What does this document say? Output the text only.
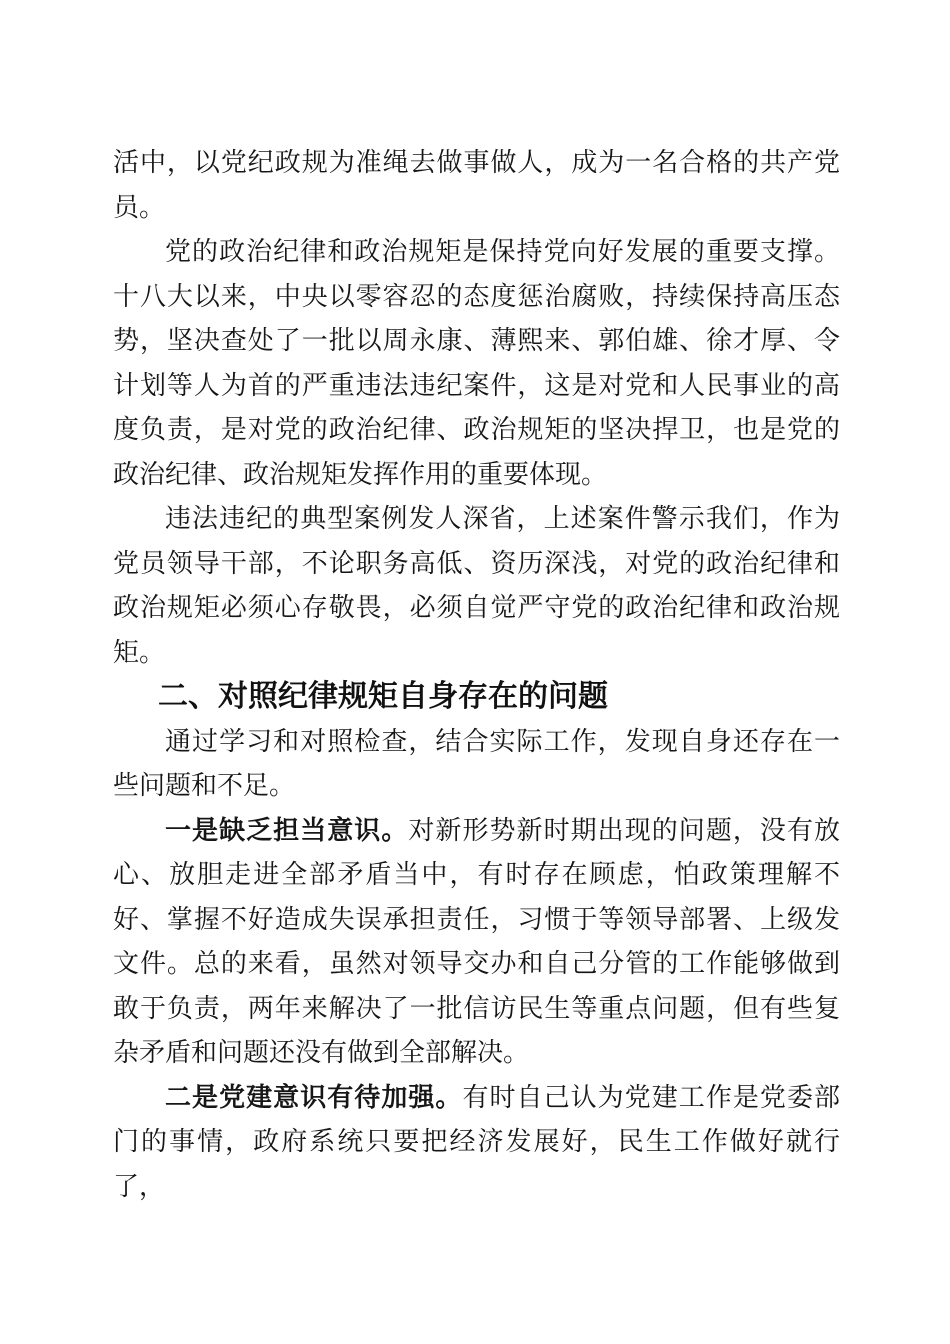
活中，以党纪政规为准绳去做事做人，成为一名合格的共产党员。

党的政治纪律和政治规矩是保持党向好发展的重要支撑。十八大以来，中央以零容忍的态度惩治腐败，持续保持高压态势，坚决查处了一批以周永康、薄熙来、郭伯雄、徐才厚、令计划等人为首的严重违法违纪案件，这是对党和人民事业的高度负责，是对党的政治纪律、政治规矩的坚决捍卫，也是党的政治纪律、政治规矩发挥作用的重要体现。

违法违纪的典型案例发人深省，上述案件警示我们，作为党员领导干部，不论职务高低、资历深浅，对党的政治纪律和政治规矩必须心存敬畏，必须自觉严守党的政治纪律和政治规矩。

二、对照纪律规矩自身存在的问题

通过学习和对照检查，结合实际工作，发现自身还存在一些问题和不足。

一是缺乏担当意识。对新形势新时期出现的问题，没有放心、放胆走进全部矛盾当中，有时存在顾虑，怕政策理解不好、掌握不好造成失误承担责任，习惯于等领导部署、上级发文件。总的来看，虽然对领导交办和自己分管的工作能够做到敢于负责，两年来解决了一批信访民生等重点问题，但有些复杂矛盾和问题还没有做到全部解决。

二是党建意识有待加强。有时自己认为党建工作是党委部门的事情，政府系统只要把经济发展好，民生工作做好就行了，
